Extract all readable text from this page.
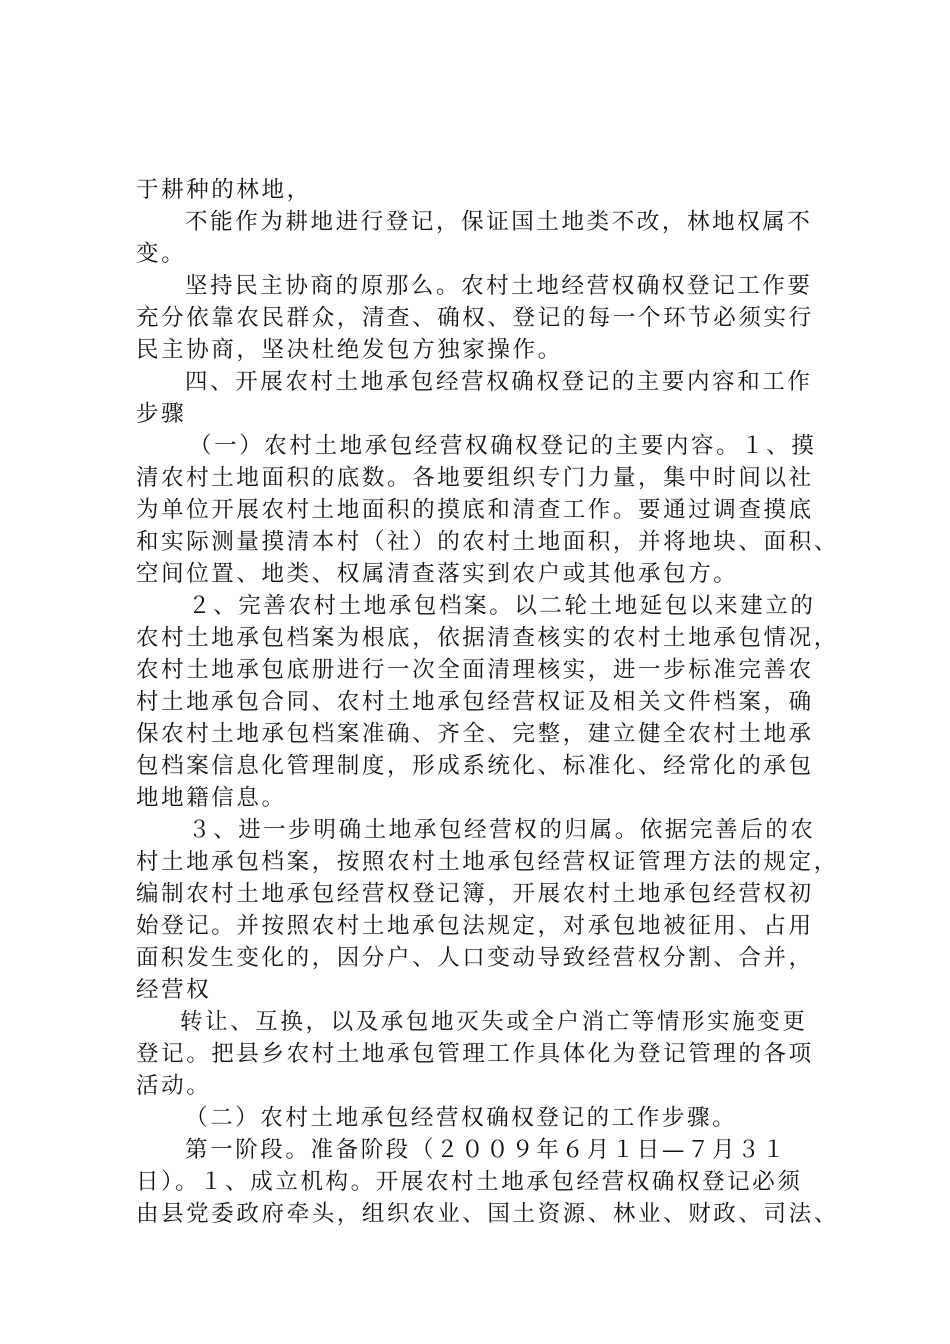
于耕种的林地，
不能作为耕地进行登记，保证国土地类不改，林地权属不
变。
坚持民主协商的原那么。农村土地经营权确权登记工作要
充分依靠农民群众，清查、确权、登记的每一个环节必须实行
民主协商，坚决杜绝发包方独家操作。
四、开展农村土地承包经营权确权登记的主要内容和工作
步骤
（一）农村土地承包经营权确权登记的主要内容。１、摸
清农村土地面积的底数。各地要组织专门力量，集中时间以社
为单位开展农村土地面积的摸底和清查工作。要通过调查摸底
和实际测量摸清本村（社）的农村土地面积，并将地块、面积、
空间位置、地类、权属清查落实到农户或其他承包方。
２、完善农村土地承包档案。以二轮土地延包以来建立的
农村土地承包档案为根底，依据清查核实的农村土地承包情况，
农村土地承包底册进行一次全面清理核实，进一步标准完善农
村土地承包合同、农村土地承包经营权证及相关文件档案，确
保农村土地承包档案准确、齐全、完整，建立健全农村土地承
包档案信息化管理制度，形成系统化、标准化、经常化的承包
地地籍信息。
３、进一步明确土地承包经营权的归属。依据完善后的农
村土地承包档案，按照农村土地承包经营权证管理方法的规定，
编制农村土地承包经营权登记簿，开展农村土地承包经营权初
始登记。并按照农村土地承包法规定，对承包地被征用、占用
面积发生变化的，因分户、人口变动导致经营权分割、合并，
经营权
转让、互换，以及承包地灭失或全户消亡等情形实施变更
登记。把县乡农村土地承包管理工作具体化为登记管理的各项
活动。
（二）农村土地承包经营权确权登记的工作步骤。
第一阶段。准备阶段（２００９年６月１日—７月３１
日）。１、成立机构。开展农村土地承包经营权确权登记必须
由县党委政府牵头，组织农业、国土资源、林业、财政、司法、
